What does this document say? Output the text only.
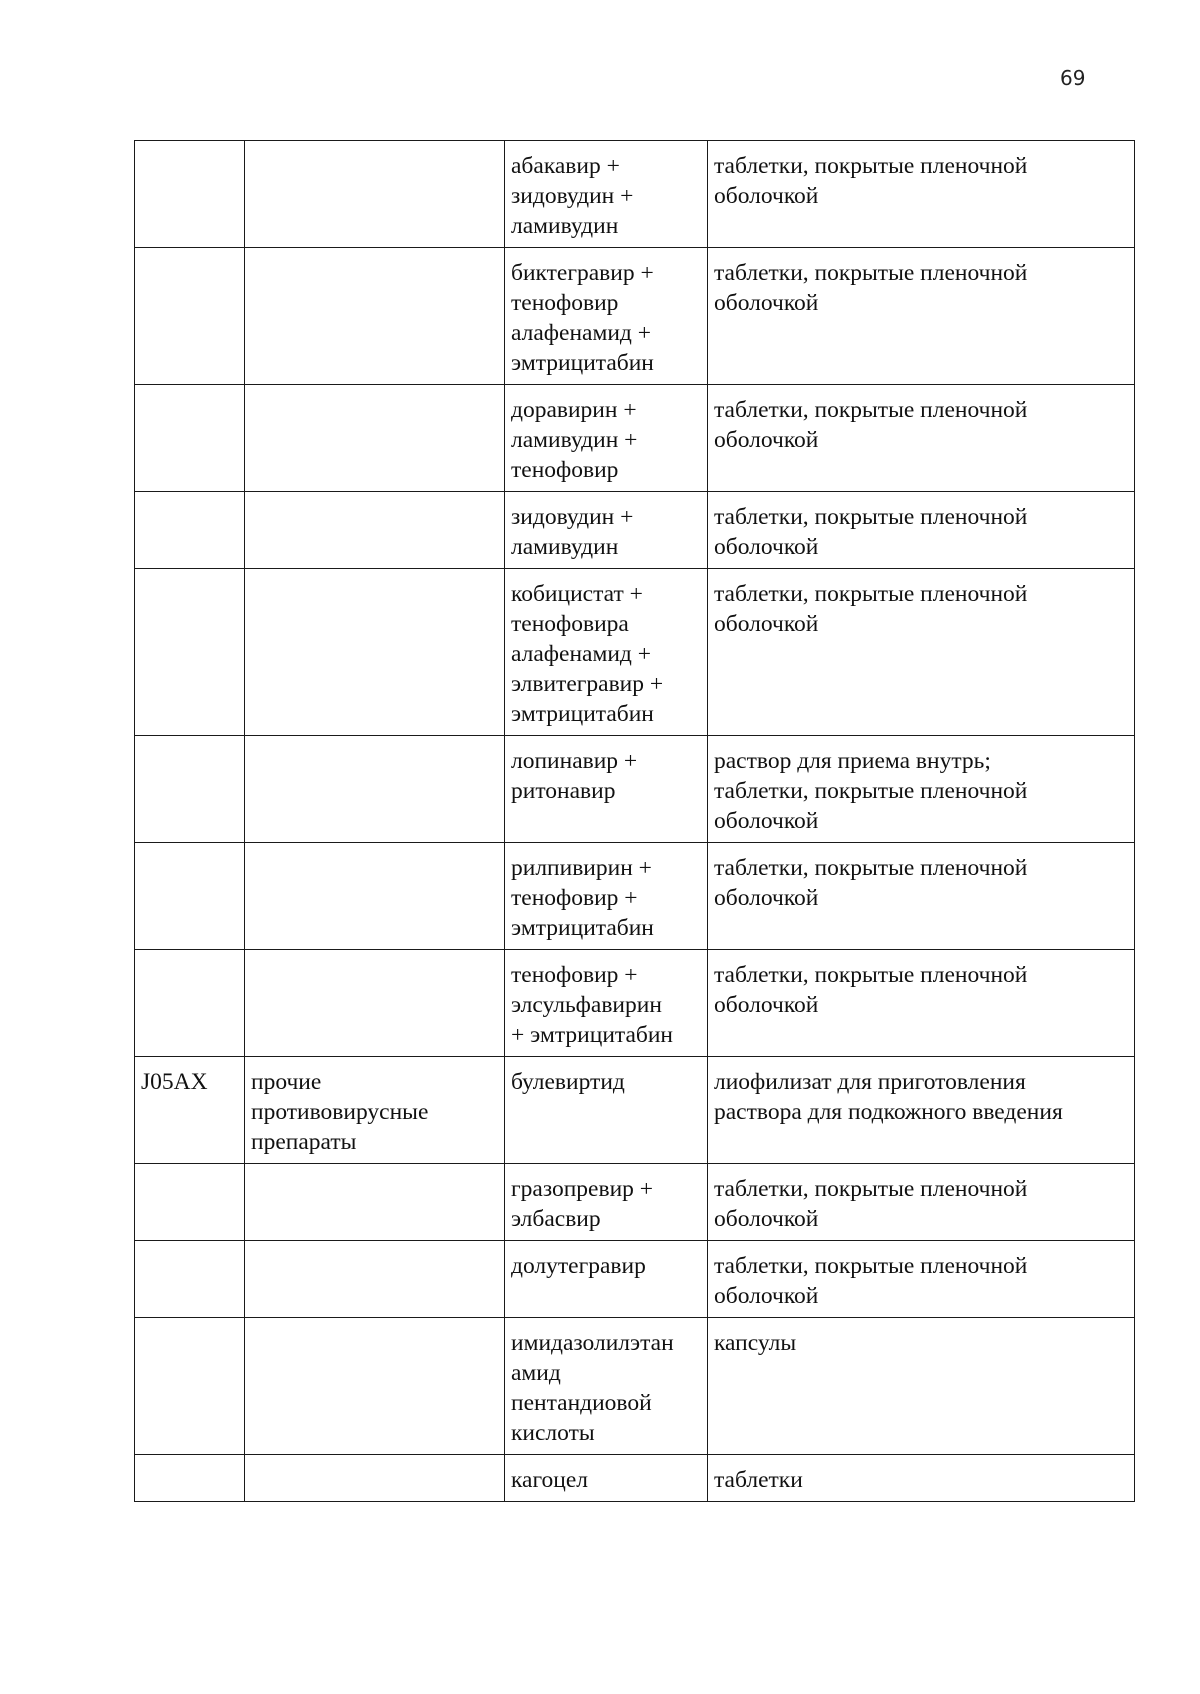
69
		абакавир +
зидовудин +
ламивудин	таблетки, покрытые пленочной
оболочкой
		биктегравир +
тенофовир
алафенамид +
эмтрицитабин	таблетки, покрытые пленочной
оболочкой
		доравирин +
ламивудин +
тенофовир	таблетки, покрытые пленочной
оболочкой
		зидовудин +
ламивудин	таблетки, покрытые пленочной
оболочкой
		кобицистат +
тенофовира
алафенамид +
элвитегравир +
эмтрицитабин	таблетки, покрытые пленочной
оболочкой
		лопинавир +
ритонавир	раствор для приема внутрь;
таблетки, покрытые пленочной
оболочкой
		рилпивирин +
тенофовир +
эмтрицитабин	таблетки, покрытые пленочной
оболочкой
		тенофовир +
элсульфавирин
+ эмтрицитабин	таблетки, покрытые пленочной
оболочкой
J05AX	прочие
противовирусные
препараты	булевиртид	лиофилизат для приготовления
раствора для подкожного введения
		гразопревир +
элбасвир	таблетки, покрытые пленочной
оболочкой
		долутегравир	таблетки, покрытые пленочной
оболочкой
		имидазолилэтан
амид
пентандиовой
кислоты	капсулы
		кагоцел	таблетки
